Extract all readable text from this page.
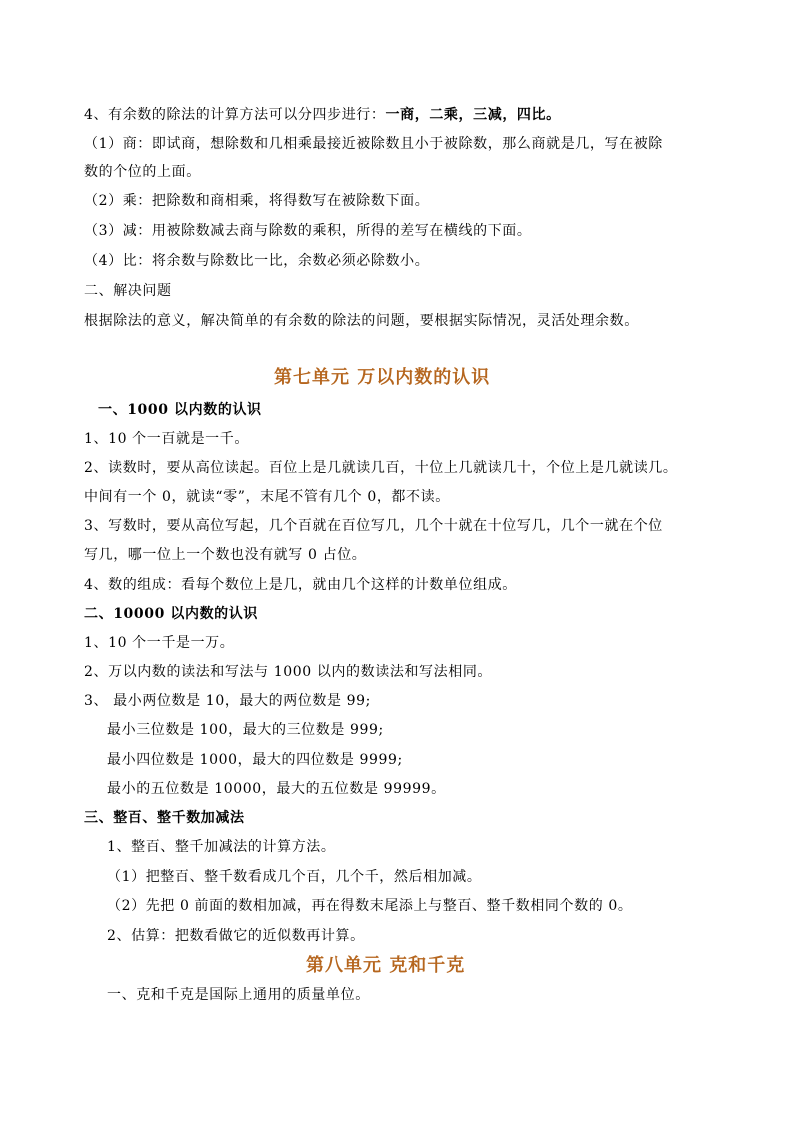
4、有余数的除法的计算方法可以分四步进行：一商，二乘，三减，四比。
（1）商：即试商，想除数和几相乘最接近被除数且小于被除数，那么商就是几，写在被除
数的个位的上面。
（2）乘：把除数和商相乘，将得数写在被除数下面。
（3）减：用被除数减去商与除数的乘积，所得的差写在横线的下面。
（4）比：将余数与除数比一比，余数必须必除数小。
二、解决问题
根据除法的意义，解决简单的有余数的除法的问题，要根据实际情况，灵活处理余数。
第七单元 万以内数的认识
一、1000 以内数的认识
1、10 个一百就是一千。
2、读数时，要从高位读起。百位上是几就读几百，十位上几就读几十，个位上是几就读几。
中间有一个 0，就读“零”，末尾不管有几个 0，都不读。
3、写数时，要从高位写起，几个百就在百位写几，几个十就在十位写几，几个一就在个位
写几，哪一位上一个数也没有就写 0 占位。
4、数的组成：看每个数位上是几，就由几个这样的计数单位组成。
二、10000 以内数的认识
1、10 个一千是一万。
2、万以内数的读法和写法与 1000 以内的数读法和写法相同。
3、 最小两位数是 10，最大的两位数是 99;
最小三位数是 100，最大的三位数是 999;
最小四位数是 1000，最大的四位数是 9999;
最小的五位数是 10000，最大的五位数是 99999。
三、整百、整千数加减法
1、整百、整千加减法的计算方法。
（1）把整百、整千数看成几个百，几个千，然后相加减。
（2）先把 0 前面的数相加减，再在得数末尾添上与整百、整千数相同个数的 0。
2、估算：把数看做它的近似数再计算。
第八单元 克和千克
一、克和千克是国际上通用的质量单位。
